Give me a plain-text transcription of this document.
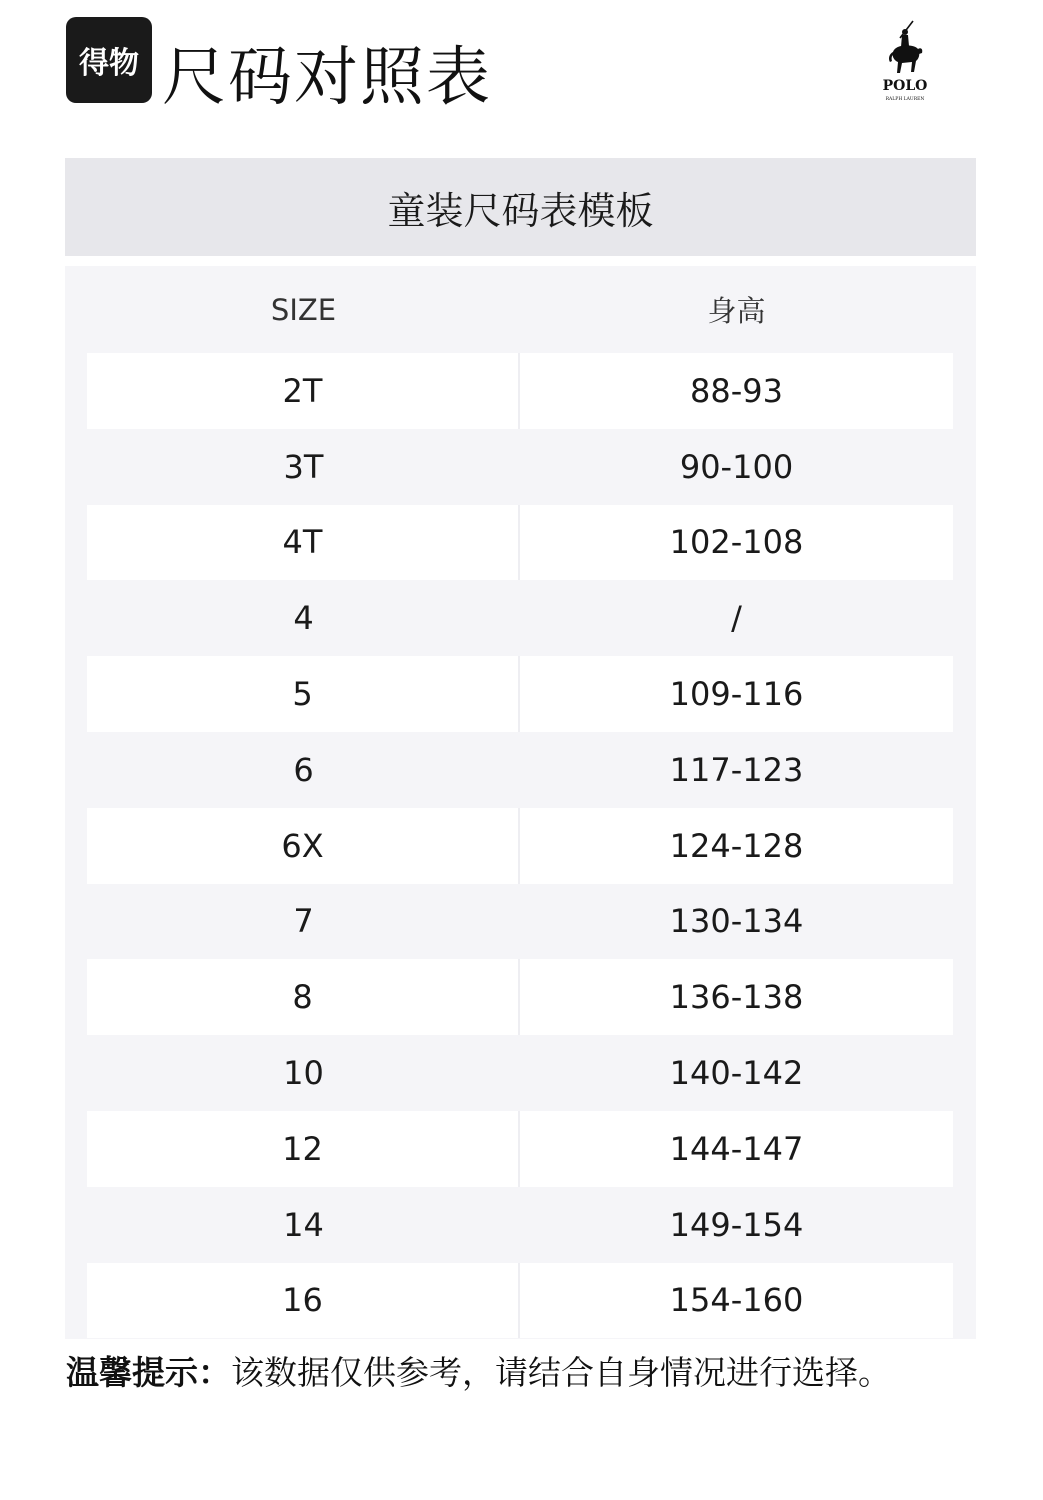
得物 尺码对照表	POLO
RALPH LAUREN
童装尺码表模板
SIZE	身高
2T	88-93
3T	90-100
4T	102-108
4	/
5	109-116
6	117-123
6X	124-128
7	130-134
8	136-138
10	140-142
12	144-147
14	149-154
16	154-160
温馨提示：该数据仅供参考，请结合自身情况进行选择。
